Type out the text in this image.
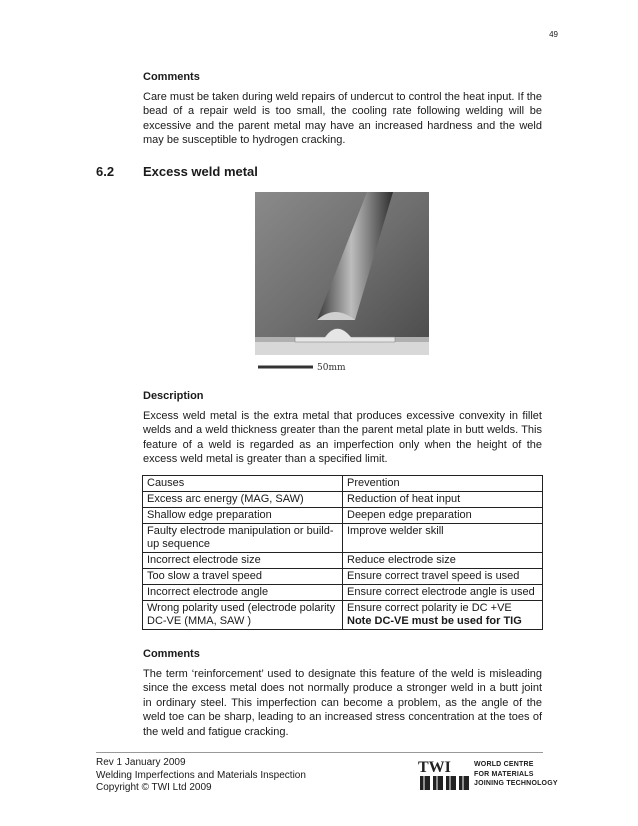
49
Comments
Care must be taken during weld repairs of undercut to control the heat input. If the bead of a repair weld is too small, the cooling rate following welding will be excessive and the parent metal may have an increased hardness and the weld may be susceptible to hydrogen cracking.
6.2 Excess weld metal
50mm
Description
Excess weld metal is the extra metal that produces excessive convexity in fillet welds and a weld thickness greater than the parent metal plate in butt welds. This feature of a weld is regarded as an imperfection only when the height of the excess weld metal is greater than a specified limit.
Causes	Prevention
Excess arc energy (MAG, SAW)	Reduction of heat input
Shallow edge preparation	Deepen edge preparation
Faulty electrode manipulation or build-up sequence	Improve welder skill
Incorrect electrode size	Reduce electrode size
Too slow a travel speed	Ensure correct travel speed is used
Incorrect electrode angle	Ensure correct electrode angle is used
Wrong polarity used (electrode polarity DC-VE (MMA, SAW )	Ensure correct polarity ie DC +VE
Note DC-VE must be used for TIG
Comments
The term ‘reinforcement’ used to designate this feature of the weld is misleading since the excess metal does not normally produce a stronger weld in a butt joint in ordinary steel. This imperfection can become a problem, as the angle of the weld toe can be sharp, leading to an increased stress concentration at the toes of the weld and fatigue cracking.
Rev 1 January 2009
Welding Imperfections and Materials Inspection
Copyright © TWI Ltd 2009
TWI	WORLD CENTRE
FOR MATERIALS
JOINING TECHNOLOGY
